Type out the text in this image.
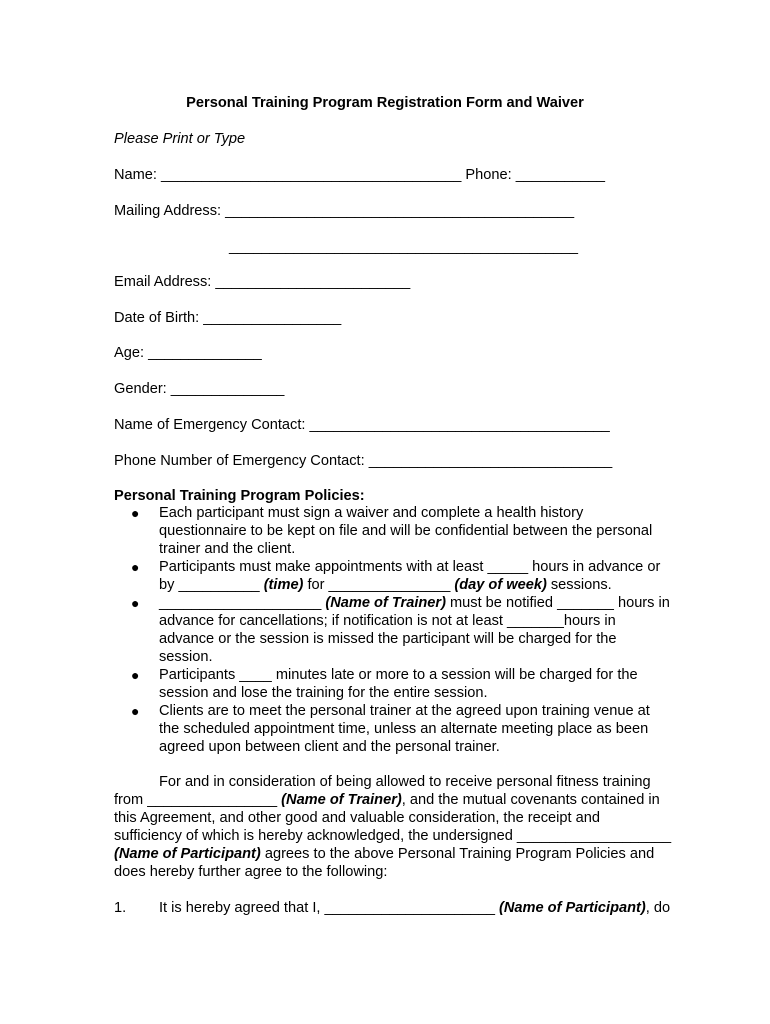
Personal Training Program Registration Form and Waiver
Please Print or Type
Name: _____________________________________ Phone: ___________
Mailing Address: ___________________________________________
___________________________________________
Email Address: ________________________
Date of Birth: _________________
Age: ______________
Gender: ______________
Name of Emergency Contact: _____________________________________
Phone Number of Emergency Contact: ______________________________
Personal Training Program Policies:
● Each participant must sign a waiver and complete a health history
questionnaire to be kept on file and will be confidential between the personal
trainer and the client.
● Participants must make appointments with at least _____ hours in advance or
by __________ (time) for _______________ (day of week) sessions.
● ____________________ (Name of Trainer) must be notified _______ hours in
advance for cancellations; if notification is not at least _______hours in
advance or the session is missed the participant will be charged for the
session.
● Participants ____ minutes late or more to a session will be charged for the
session and lose the training for the entire session.
● Clients are to meet the personal trainer at the agreed upon training venue at
the scheduled appointment time, unless an alternate meeting place as been
agreed upon between client and the personal trainer.
For and in consideration of being allowed to receive personal fitness training
from ________________ (Name of Trainer), and the mutual covenants contained in
this Agreement, and other good and valuable consideration, the receipt and
sufficiency of which is hereby acknowledged, the undersigned ___________________
(Name of Participant) agrees to the above Personal Training Program Policies and
does hereby further agree to the following:
1. It is hereby agreed that I, _____________________ (Name of Participant), do
